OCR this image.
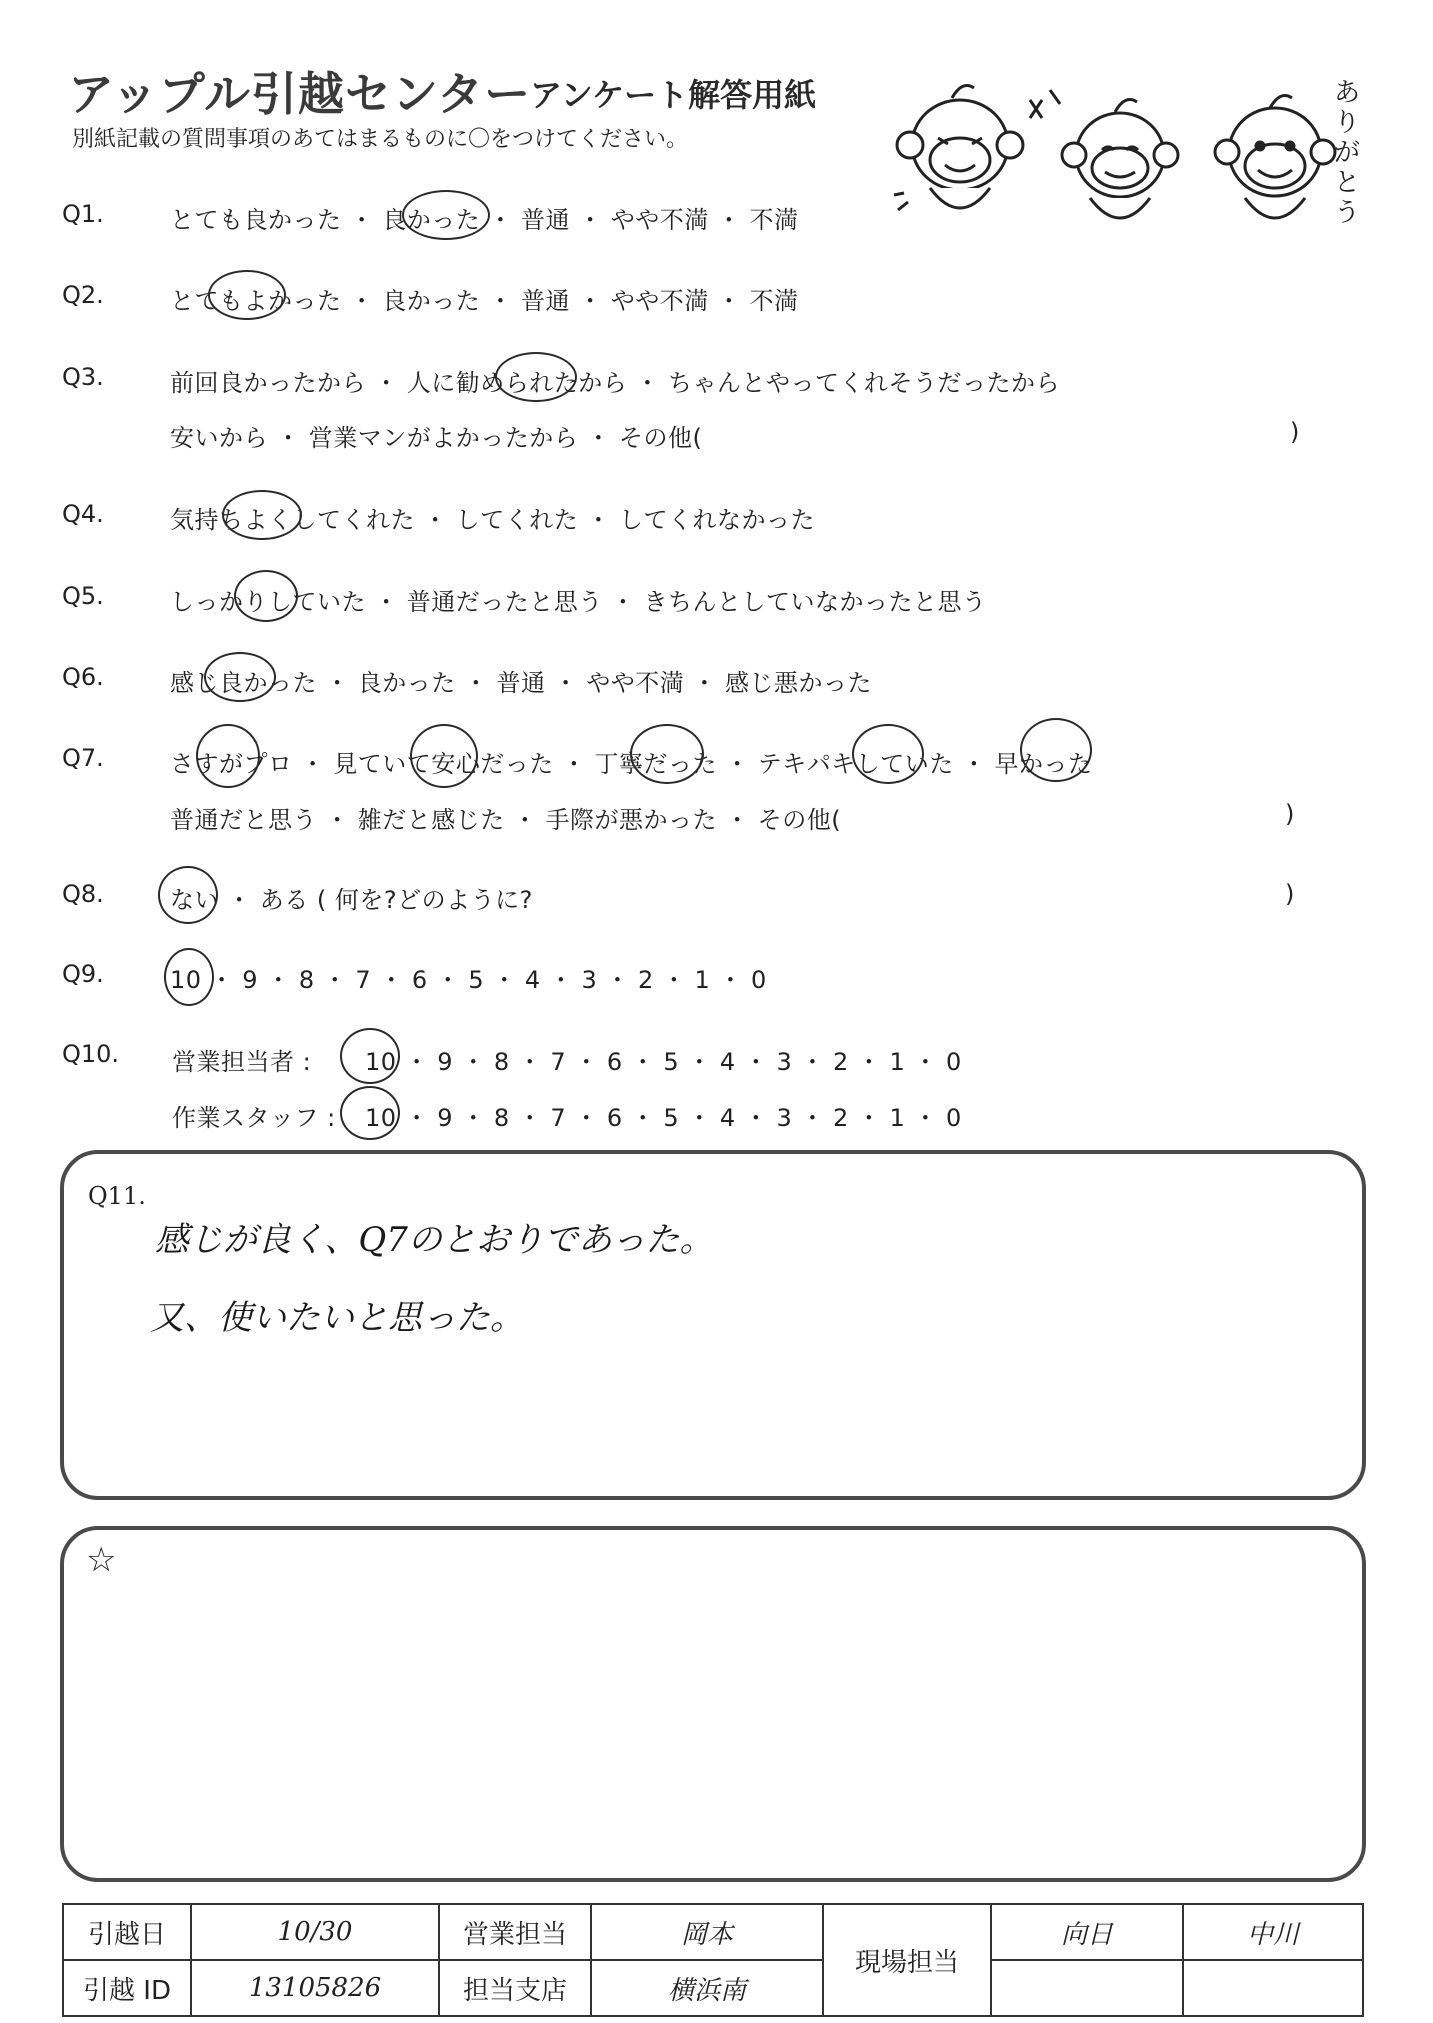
アップル引越センター
アンケート解答用紙
別紙記載の質問事項のあてはまるものに〇をつけてください。
ありがとう
Q1.	とても良かった ・ 良かった ・ 普通 ・ やや不満 ・ 不満
Q2.	とてもよかった ・ 良かった ・ 普通 ・ やや不満 ・ 不満
Q3.	前回良かったから ・ 人に勧められたから ・ ちゃんとやってくれそうだったから
安いから ・ 営業マンがよかったから ・ その他(	)
Q4.	気持ちよくしてくれた ・ してくれた ・ してくれなかった
Q5.	しっかりしていた ・ 普通だったと思う ・ きちんとしていなかったと思う
Q6.	感じ良かった ・ 良かった ・ 普通 ・ やや不満 ・ 感じ悪かった
Q7.	さすがプロ ・ 見ていて安心だった ・ 丁寧だった ・ テキパキしていた ・ 早かった
普通だと思う ・ 雑だと感じた ・ 手際が悪かった ・ その他(	)
Q8.	ない ・ ある ( 何を?どのように?	)
Q9.	10 ・ 9 ・ 8 ・ 7 ・ 6 ・ 5 ・ 4 ・ 3 ・ 2 ・ 1 ・ 0
Q10. 営業担当者 : 10 ・ 9 ・ 8 ・ 7 ・ 6 ・ 5 ・ 4 ・ 3 ・ 2 ・ 1 ・ 0
作業スタッフ : 10 ・ 9 ・ 8 ・ 7 ・ 6 ・ 5 ・ 4 ・ 3 ・ 2 ・ 1 ・ 0
Q11.
感じが良く、Q7のとおりであった。
又、使いたいと思った。
☆
引越日	10/30	営業担当	岡本	現場担当	向日	中川
引越 ID	13105826	担当支店	横浜南			
